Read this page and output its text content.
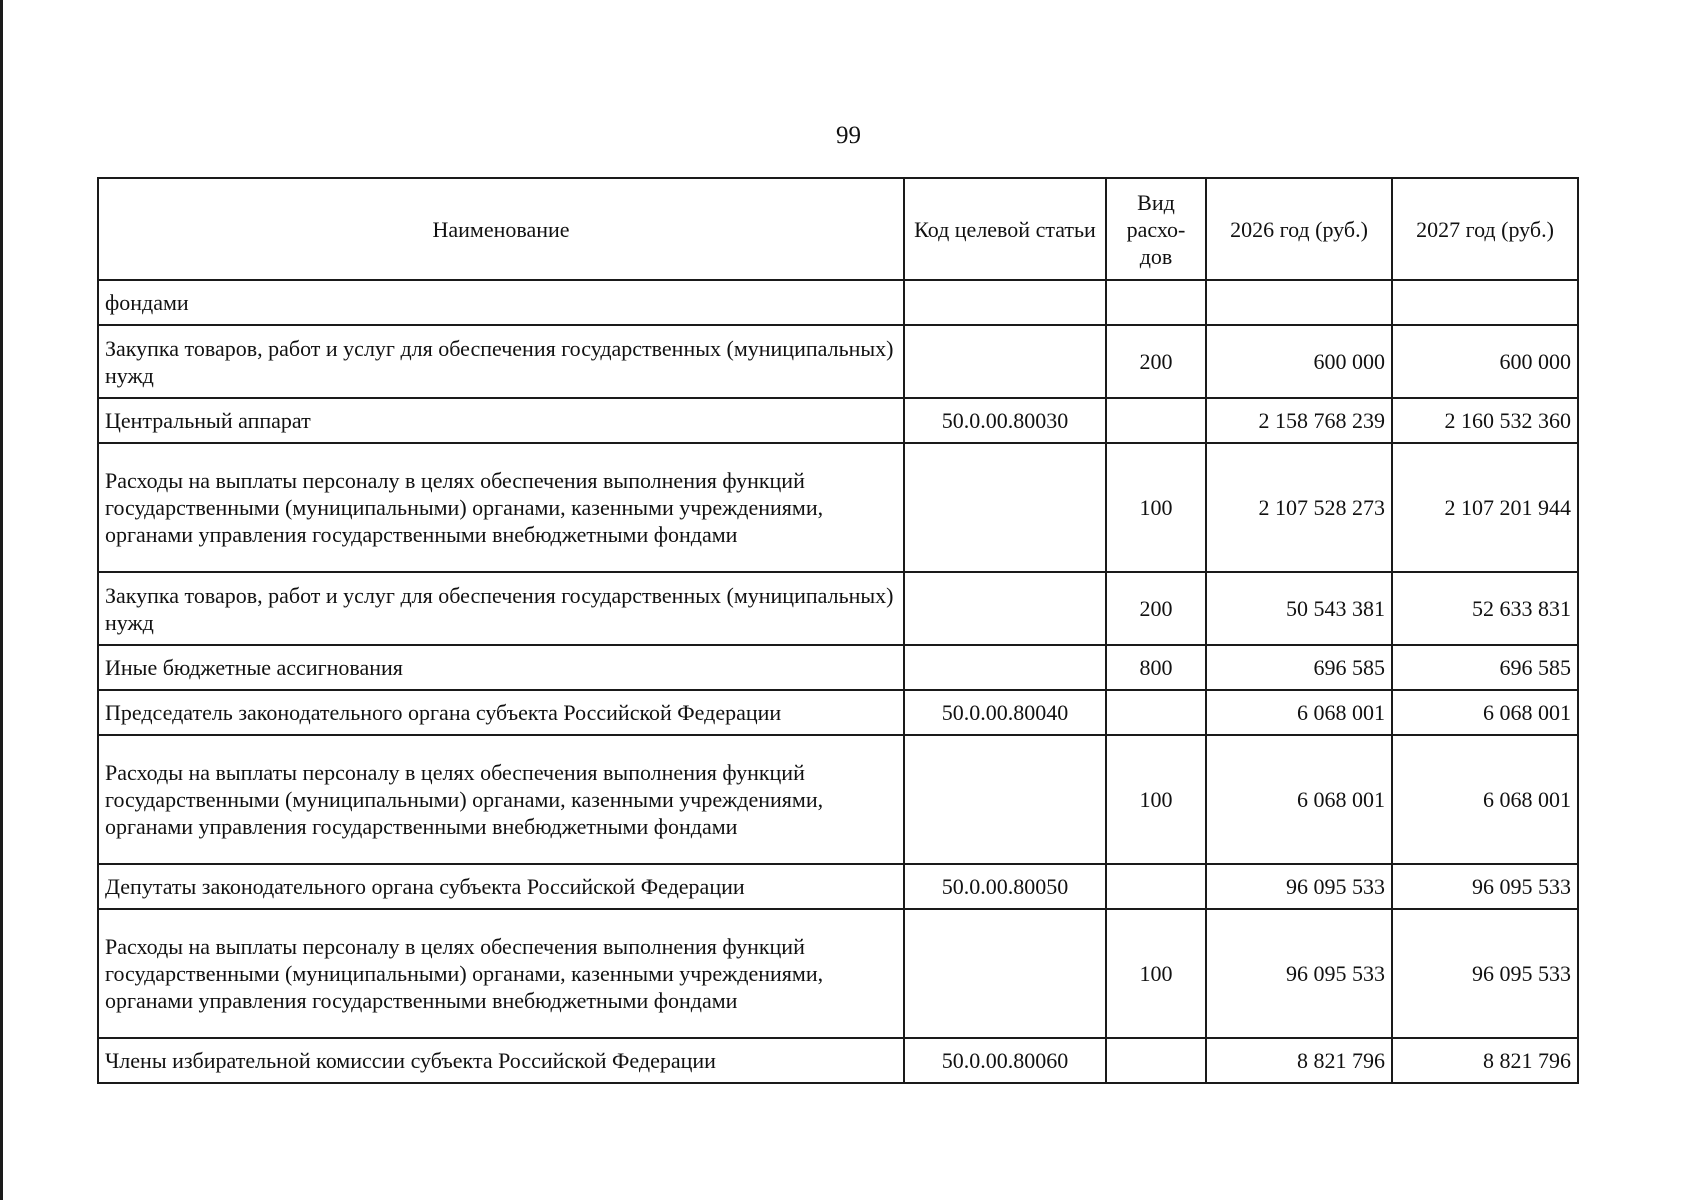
99
Наименование	Код целевой статьи	Вид расхо-дов	2026 год (руб.)	2027 год (руб.)
фондами				
Закупка товаров, работ и услуг для обеспечения государственных (муниципальных) нужд		200	600 000	600 000
Центральный аппарат	50.0.00.80030		2 158 768 239	2 160 532 360
Расходы на выплаты персоналу в целях обеспечения выполнения функций государственными (муниципальными) органами, казенными учреждениями, органами управления государственными внебюджетными фондами		100	2 107 528 273	2 107 201 944
Закупка товаров, работ и услуг для обеспечения государственных (муниципальных) нужд		200	50 543 381	52 633 831
Иные бюджетные ассигнования		800	696 585	696 585
Председатель законодательного органа субъекта Российской Федерации	50.0.00.80040		6 068 001	6 068 001
Расходы на выплаты персоналу в целях обеспечения выполнения функций государственными (муниципальными) органами, казенными учреждениями, органами управления государственными внебюджетными фондами		100	6 068 001	6 068 001
Депутаты законодательного органа субъекта Российской Федерации	50.0.00.80050		96 095 533	96 095 533
Расходы на выплаты персоналу в целях обеспечения выполнения функций государственными (муниципальными) органами, казенными учреждениями, органами управления государственными внебюджетными фондами		100	96 095 533	96 095 533
Члены избирательной комиссии субъекта Российской Федерации	50.0.00.80060		8 821 796	8 821 796
